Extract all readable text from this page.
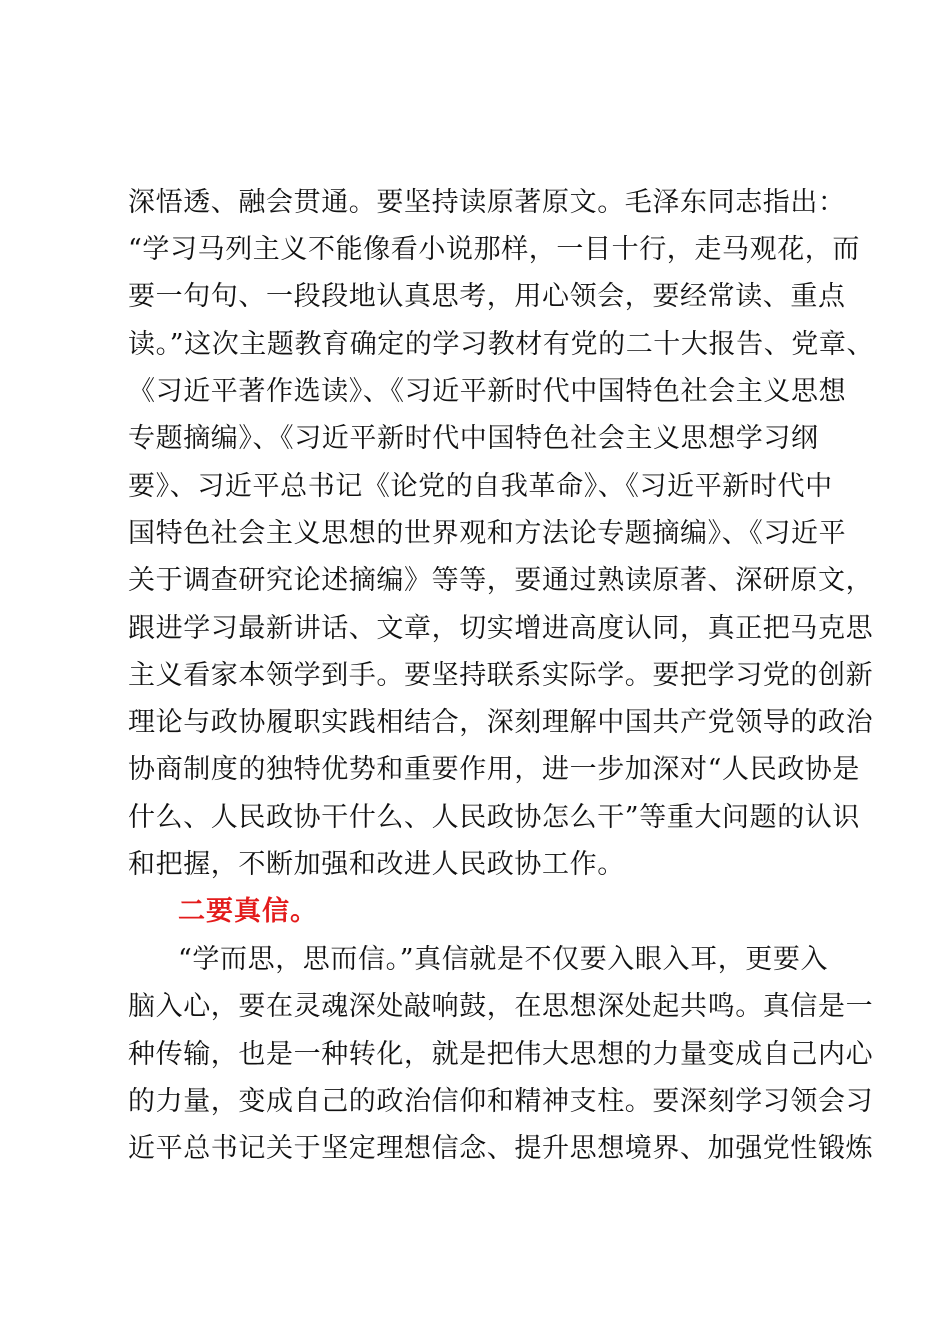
深悟透、融会贯通。要坚持读原著原文。毛泽东同志指出：
“学习马列主义不能像看小说那样，一目十行，走马观花，而
要一句句、一段段地认真思考，用心领会，要经常读、重点
读。”这次主题教育确定的学习教材有党的二十大报告、党章、
《习近平著作选读》、《习近平新时代中国特色社会主义思想
专题摘编》、《习近平新时代中国特色社会主义思想学习纲
要》、习近平总书记《论党的自我革命》、《习近平新时代中
国特色社会主义思想的世界观和方法论专题摘编》、《习近平
关于调查研究论述摘编》等等，要通过熟读原著、深研原文，
跟进学习最新讲话、文章，切实增进高度认同，真正把马克思
主义看家本领学到手。要坚持联系实际学。要把学习党的创新
理论与政协履职实践相结合，深刻理解中国共产党领导的政治
协商制度的独特优势和重要作用，进一步加深对“人民政协是
什么、人民政协干什么、人民政协怎么干”等重大问题的认识
和把握，不断加强和改进人民政协工作。
二要真信。
“学而思，思而信。”真信就是不仅要入眼入耳，更要入
脑入心，要在灵魂深处敲响鼓，在思想深处起共鸣。真信是一
种传输，也是一种转化，就是把伟大思想的力量变成自己内心
的力量，变成自己的政治信仰和精神支柱。要深刻学习领会习
近平总书记关于坚定理想信念、提升思想境界、加强党性锻炼
